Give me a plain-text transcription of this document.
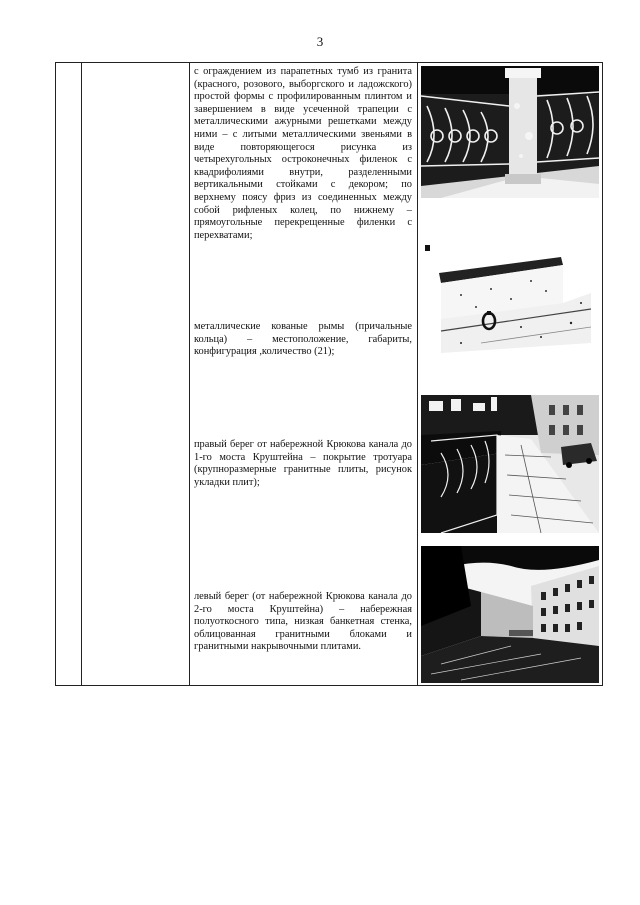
3
с ограждением из парапетных тумб из гранита (красного, розового, выборгского и ладожского) простой формы с профилированным плинтом и завершением в виде усеченной трапеции с металлическими ажурными решетками между ними – с литыми металлическими звеньями в виде повторяющегося рисунка из четырехугольных остроконечных филенок с квадрифолиями внутри, разделенными вертикальными стойками с декором; по верхнему поясу фриз из соединенных между собой рифленых колец, по нижнему – прямоугольные перекрещенные филенки с перехватами;
металлические кованые рымы (причальные кольца) – местоположение, габариты, конфигурация ,количество (21);
правый берег от набережной Крюкова канала до 1-го моста Круштейна – покрытие тротуара (крупноразмерные гранитные плиты, рисунок укладки плит);
левый берег (от набережной Крюкова канала до 2-го моста Круштейна) – набережная полуоткосного типа, низкая банкетная стенка, облицованная гранитными блоками и гранитными накрывочными плитами.
